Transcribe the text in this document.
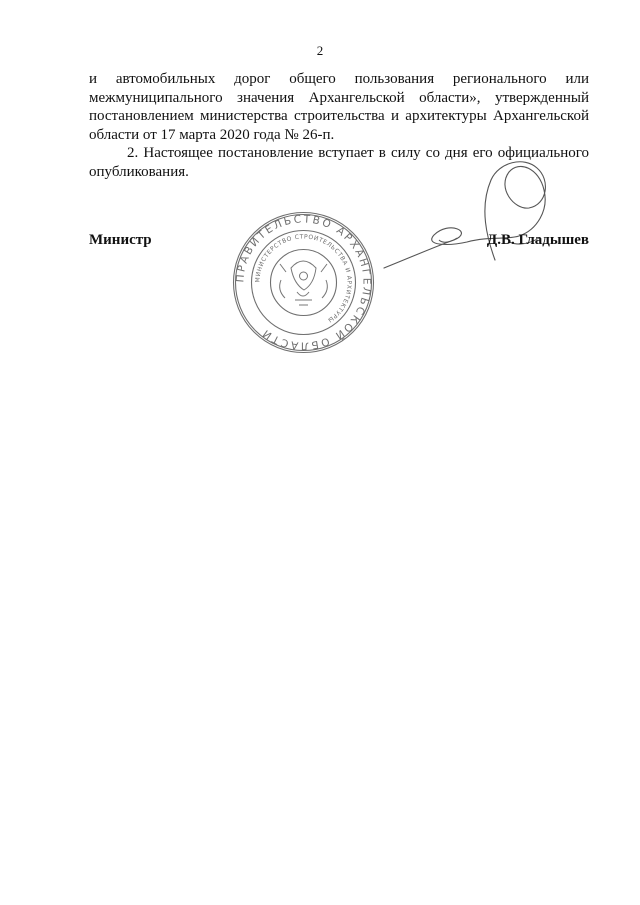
2

и автомобильных дорог общего пользования регионального или
межмуниципального значения Архангельской области», утвержденный
постановлением министерства строительства и архитектуры Архангельской
области от 17 марта 2020 года № 26-п.

2. Настоящее постановление вступает в силу со дня его официального
опубликования.

Министр
ПРАВИТЕЛЬСТВО АРХАНГЕЛЬСКОЙ ОБЛАСТИ
МИНИСТЕРСТВО СТРОИТЕЛЬСТВА И АРХИТЕКТУРЫ
Д.В. Гладышев
